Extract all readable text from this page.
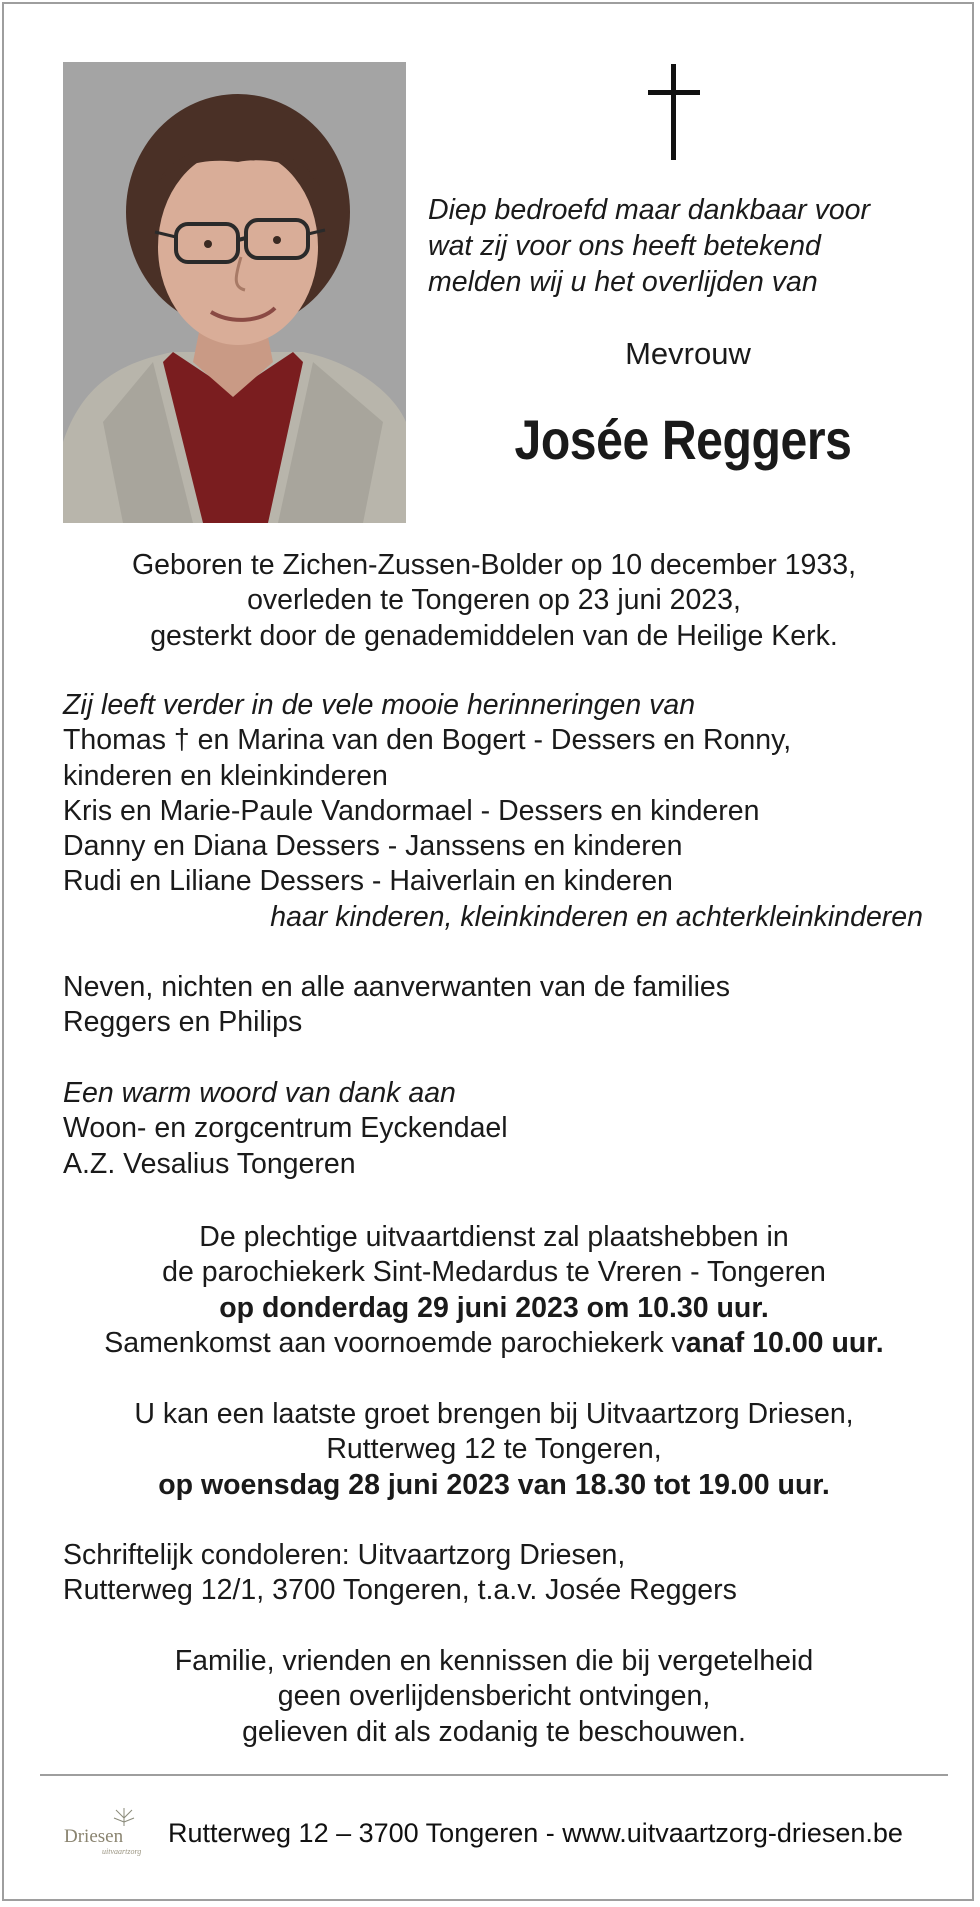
Diep bedroefd maar dankbaar voor
wat zij voor ons heeft betekend
melden wij u het overlijden van
Mevrouw
Josée Reggers
Geboren te Zichen-Zussen-Bolder op 10 december 1933,
overleden te Tongeren op 23 juni 2023,
gesterkt door de genademiddelen van de Heilige Kerk.
Zij leeft verder in de vele mooie herinneringen van
Thomas † en Marina van den Bogert - Dessers en Ronny,
kinderen en kleinkinderen
Kris en Marie-Paule Vandormael - Dessers en kinderen
Danny en Diana Dessers - Janssens en kinderen
Rudi en Liliane Dessers - Haiverlain en kinderen
haar kinderen, kleinkinderen en achterkleinkinderen
Neven, nichten en alle aanverwanten van de families
Reggers en Philips
Een warm woord van dank aan
Woon- en zorgcentrum Eyckendael
A.Z. Vesalius Tongeren
De plechtige uitvaartdienst zal plaatshebben in
de parochiekerk Sint-Medardus te Vreren - Tongeren
op donderdag 29 juni 2023 om 10.30 uur.
Samenkomst aan voornoemde parochiekerk vanaf 10.00 uur.
U kan een laatste groet brengen bij Uitvaartzorg Driesen,
Rutterweg 12 te Tongeren,
op woensdag 28 juni 2023 van 18.30 tot 19.00 uur.
Schriftelijk condoleren: Uitvaartzorg Driesen,
Rutterweg 12/1, 3700 Tongeren, t.a.v. Josée Reggers
Familie, vrienden en kennissen die bij vergetelheid
geen overlijdensbericht ontvingen,
gelieven dit als zodanig te beschouwen.
Driesen
uitvaartzorg
Rutterweg 12 – 3700 Tongeren - www.uitvaartzorg-driesen.be
